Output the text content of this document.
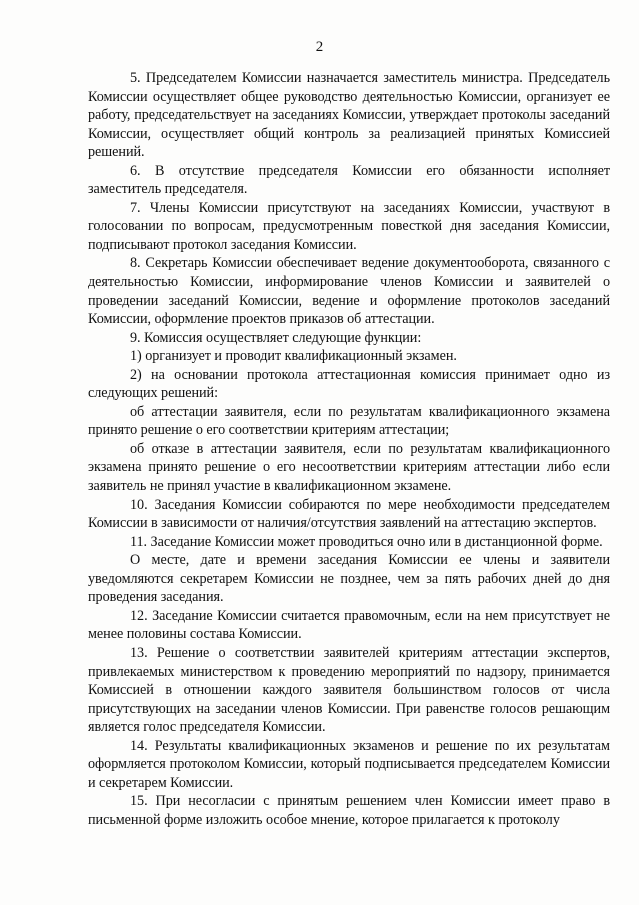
2

5. Председателем Комиссии назначается заместитель министра. Председатель Комиссии осуществляет общее руководство деятельностью Комиссии, организует ее работу, председательствует на заседаниях Комиссии, утверждает протоколы заседаний Комиссии, осуществляет общий контроль за реализацией принятых Комиссией решений.

6. В отсутствие председателя Комиссии его обязанности исполняет заместитель председателя.

7. Члены Комиссии присутствуют на заседаниях Комиссии, участвуют в голосовании по вопросам, предусмотренным повесткой дня заседания Комиссии, подписывают протокол заседания Комиссии.

8. Секретарь Комиссии обеспечивает ведение документооборота, связанного с деятельностью Комиссии, информирование членов Комиссии и заявителей о проведении заседаний Комиссии, ведение и оформление протоколов заседаний Комиссии, оформление проектов приказов об аттестации.

9. Комиссия осуществляет следующие функции:

1) организует и проводит квалификационный экзамен.

2) на основании протокола аттестационная комиссия принимает одно из следующих решений:

об аттестации заявителя, если по результатам квалификационного экзамена принято решение о его соответствии критериям аттестации;

об отказе в аттестации заявителя, если по результатам квалификационного экзамена принято решение о его несоответствии критериям аттестации либо если заявитель не принял участие в квалификационном экзамене.

10. Заседания Комиссии собираются по мере необходимости председателем Комиссии в зависимости от наличия/отсутствия заявлений на аттестацию экспертов.

11. Заседание Комиссии может проводиться очно или в дистанционной форме.

О месте, дате и времени заседания Комиссии ее члены и заявители уведомляются секретарем Комиссии не позднее, чем за пять рабочих дней до дня проведения заседания.

12. Заседание Комиссии считается правомочным, если на нем присутствует не менее половины состава Комиссии.

13. Решение о соответствии заявителей критериям аттестации экспертов, привлекаемых министерством к проведению мероприятий по надзору, принимается Комиссией в отношении каждого заявителя большинством голосов от числа присутствующих на заседании членов Комиссии. При равенстве голосов решающим является голос председателя Комиссии.

14. Результаты квалификационных экзаменов и решение по их результатам оформляется протоколом Комиссии, который подписывается председателем Комиссии и секретарем Комиссии.

15. При несогласии с принятым решением член Комиссии имеет право в письменной форме изложить особое мнение, которое прилагается к протоколу
